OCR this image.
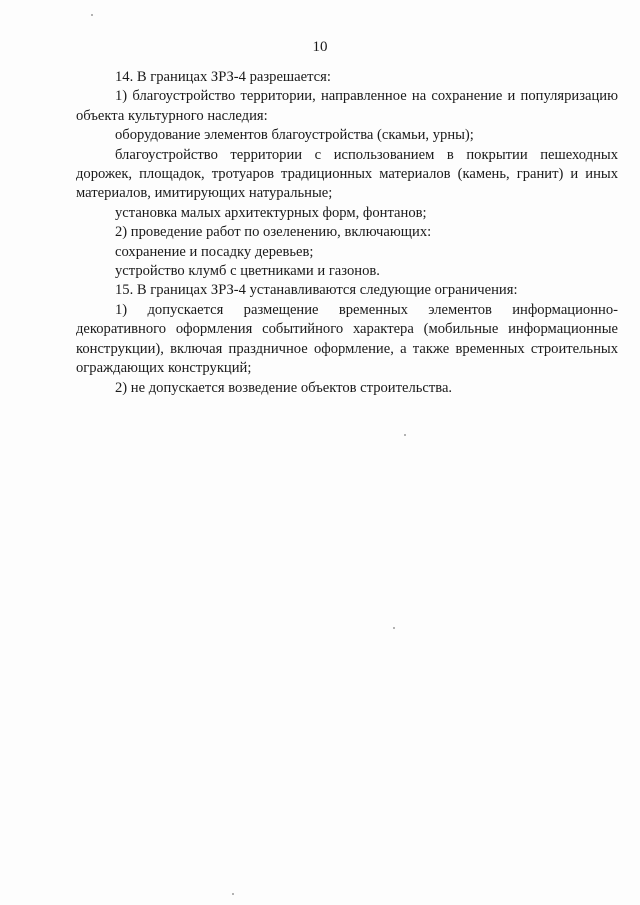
10

14. В границах ЗРЗ-4 разрешается:

1) благоустройство территории, направленное на сохранение и популяризацию объекта культурного наследия:

оборудование элементов благоустройства (скамьи, урны);

благоустройство территории с использованием в покрытии пешеходных дорожек, площадок, тротуаров традиционных материалов (камень, гранит) и иных материалов, имитирующих натуральные;

установка малых архитектурных форм, фонтанов;

2) проведение работ по озеленению, включающих:

сохранение и посадку деревьев;

устройство клумб с цветниками и газонов.

15. В границах ЗРЗ-4 устанавливаются следующие ограничения:

1) допускается размещение временных элементов информационно-декоративного оформления событийного характера (мобильные информационные конструкции), включая праздничное оформление, а также временных строительных ограждающих конструкций;

2) не допускается возведение объектов строительства.
